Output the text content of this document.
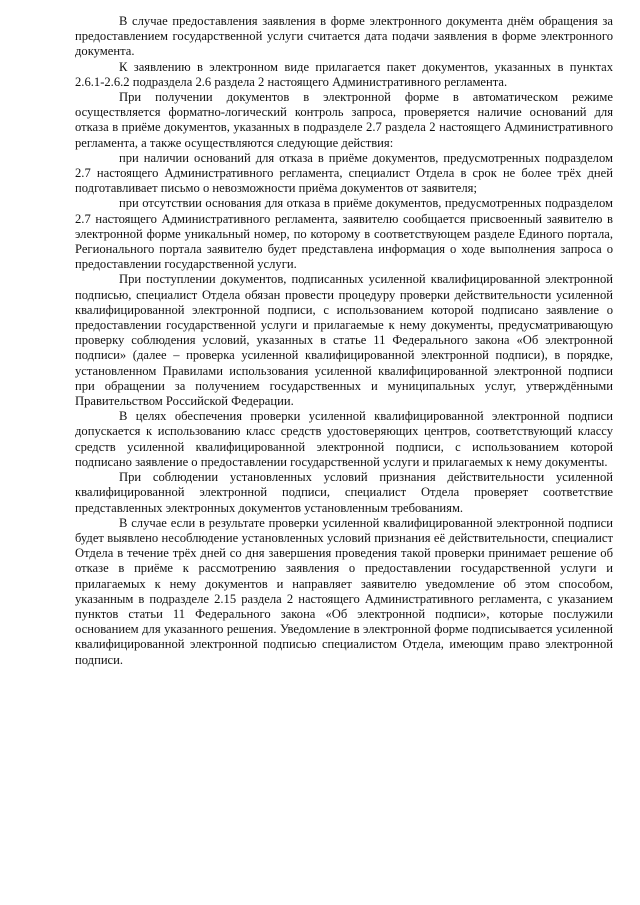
В случае предоставления заявления в форме электронного документа днём обращения за предоставлением государственной услуги считается дата подачи заявления в форме электронного документа.

К заявлению в электронном виде прилагается пакет документов, указанных в пунктах 2.6.1-2.6.2 подраздела 2.6 раздела 2 настоящего Административного регламента.

При получении документов в электронной форме в автоматическом режиме осуществляется форматно-логический контроль запроса, проверяется наличие оснований для отказа в приёме документов, указанных в подразделе 2.7 раздела 2 настоящего Административного регламента, а также осуществляются следующие действия:

при наличии оснований для отказа в приёме документов, предусмотренных подразделом 2.7 настоящего Административного регламента, специалист Отдела в срок не более трёх дней подготавливает письмо о невозможности приёма документов от заявителя;

при отсутствии основания для отказа в приёме документов, предусмотренных подразделом 2.7 настоящего Административного регламента, заявителю сообщается присвоенный заявителю в электронной форме уникальный номер, по которому в соответствующем разделе Единого портала, Регионального портала заявителю будет представлена информация о ходе выполнения запроса о предоставлении государственной услуги.

При поступлении документов, подписанных усиленной квалифицированной электронной подписью, специалист Отдела обязан провести процедуру проверки действительности усиленной квалифицированной электронной подписи, с использованием которой подписано заявление о предоставлении государственной услуги и прилагаемые к нему документы, предусматривающую проверку соблюдения условий, указанных в статье 11 Федерального закона «Об электронной подписи» (далее – проверка усиленной квалифицированной электронной подписи), в порядке, установленном Правилами использования усиленной квалифицированной электронной подписи при обращении за получением государственных и муниципальных услуг, утверждёнными Правительством Российской Федерации.

В целях обеспечения проверки усиленной квалифицированной электронной подписи допускается к использованию класс средств удостоверяющих центров, соответствующий классу средств усиленной квалифицированной электронной подписи, с использованием которой подписано заявление о предоставлении государственной услуги и прилагаемых к нему документы.

При соблюдении установленных условий признания действительности усиленной квалифицированной электронной подписи, специалист Отдела проверяет соответствие представленных электронных документов установленным требованиям.

В случае если в результате проверки усиленной квалифицированной электронной подписи будет выявлено несоблюдение установленных условий признания её действительности, специалист Отдела в течение трёх дней со дня завершения проведения такой проверки принимает решение об отказе в приёме к рассмотрению заявления о предоставлении государственной услуги и прилагаемых к нему документов и направляет заявителю уведомление об этом способом, указанным в подразделе 2.15 раздела 2 настоящего Административного регламента, с указанием пунктов статьи 11 Федерального закона «Об электронной подписи», которые послужили основанием для указанного решения. Уведомление в электронной форме подписывается усиленной квалифицированной электронной подписью специалистом Отдела, имеющим право электронной подписи.
